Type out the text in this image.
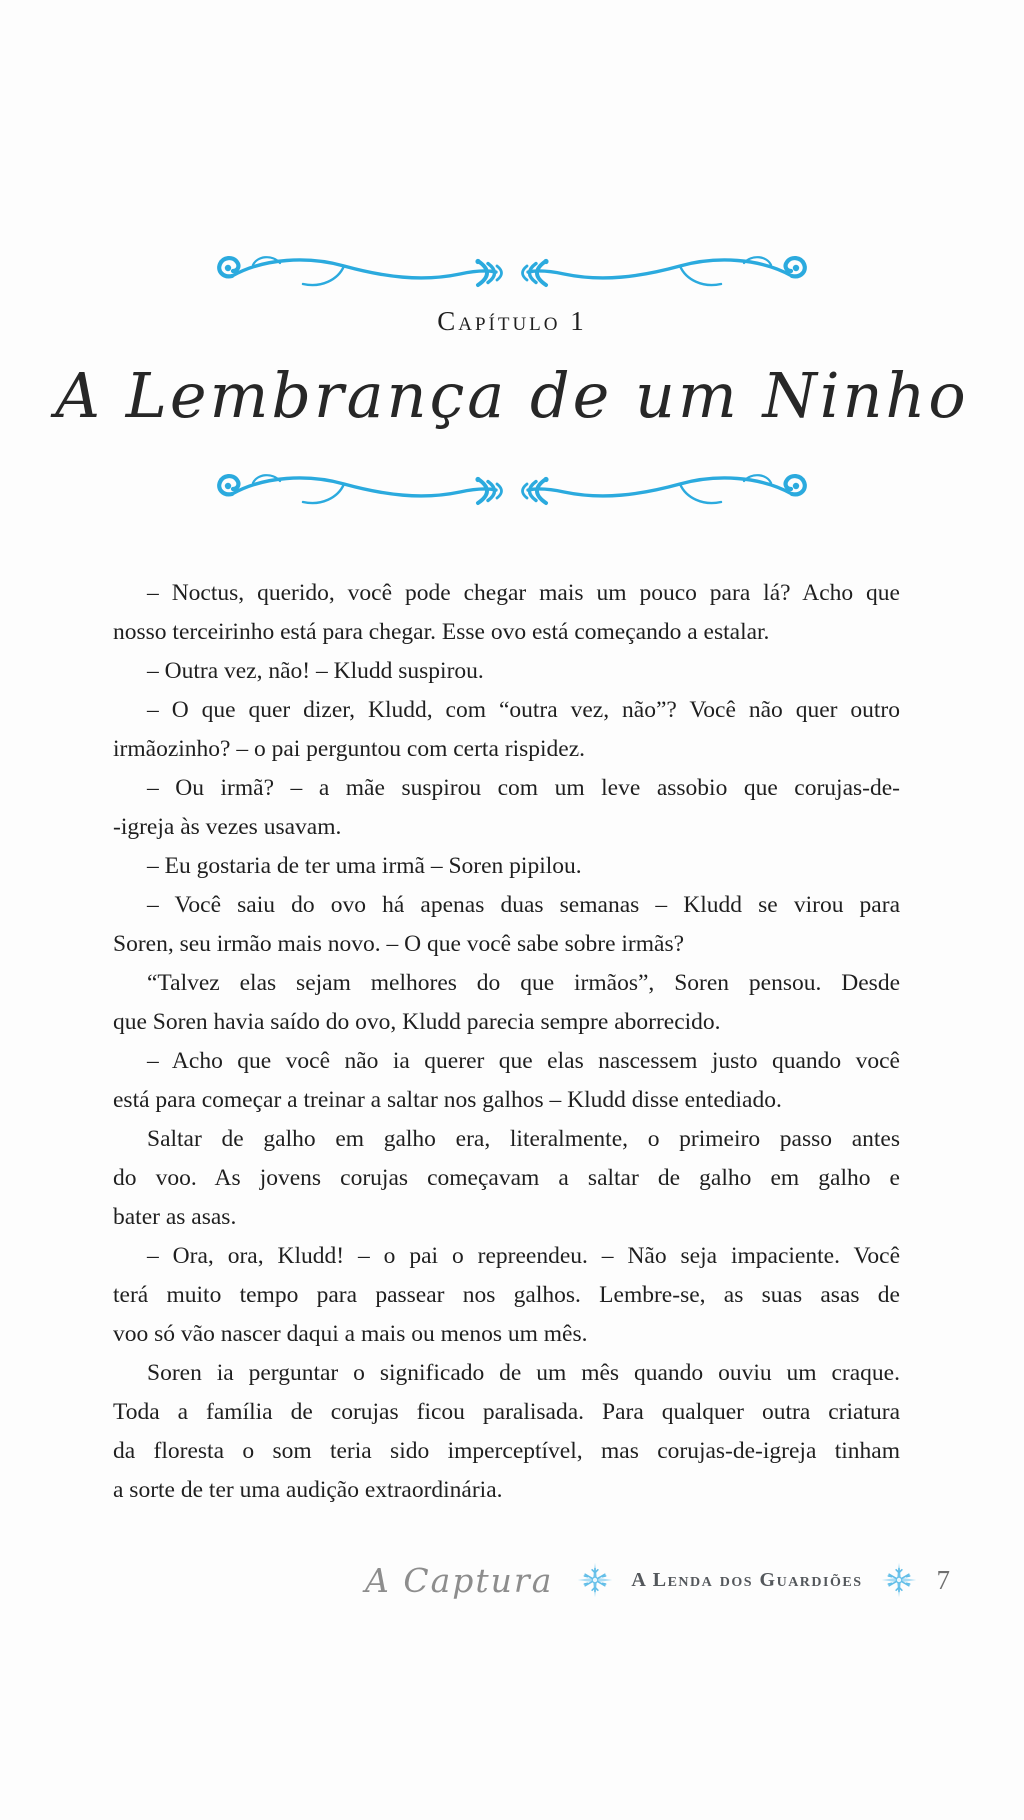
Capítulo 1
A Lembrança de um Ninho
– Noctus, querido, você pode chegar mais um pouco para lá? Acho que
nosso terceirinho está para chegar. Esse ovo está começando a estalar.
– Outra vez, não! – Kludd suspirou.
– O que quer dizer, Kludd, com “outra vez, não”? Você não quer outro
irmãozinho? – o pai perguntou com certa rispidez.
– Ou irmã? – a mãe suspirou com um leve assobio que corujas-de-
-igreja às vezes usavam.
– Eu gostaria de ter uma irmã – Soren pipilou.
– Você saiu do ovo há apenas duas semanas – Kludd se virou para
Soren, seu irmão mais novo. – O que você sabe sobre irmãs?
“Talvez elas sejam melhores do que irmãos”, Soren pensou. Desde
que Soren havia saído do ovo, Kludd parecia sempre aborrecido.
– Acho que você não ia querer que elas nascessem justo quando você
está para começar a treinar a saltar nos galhos – Kludd disse entediado.
Saltar de galho em galho era, literalmente, o primeiro passo antes
do voo. As jovens corujas começavam a saltar de galho em galho e
bater as asas.
– Ora, ora, Kludd! – o pai o repreendeu. – Não seja impaciente. Você
terá muito tempo para passear nos galhos. Lembre-se, as suas asas de
voo só vão nascer daqui a mais ou menos um mês.
Soren ia perguntar o significado de um mês quando ouviu um craque.
Toda a família de corujas ficou paralisada. Para qualquer outra criatura
da floresta o som teria sido imperceptível, mas corujas-de-igreja tinham
a sorte de ter uma audição extraordinária.
A Captura	A Lenda dos Guardiões	7
